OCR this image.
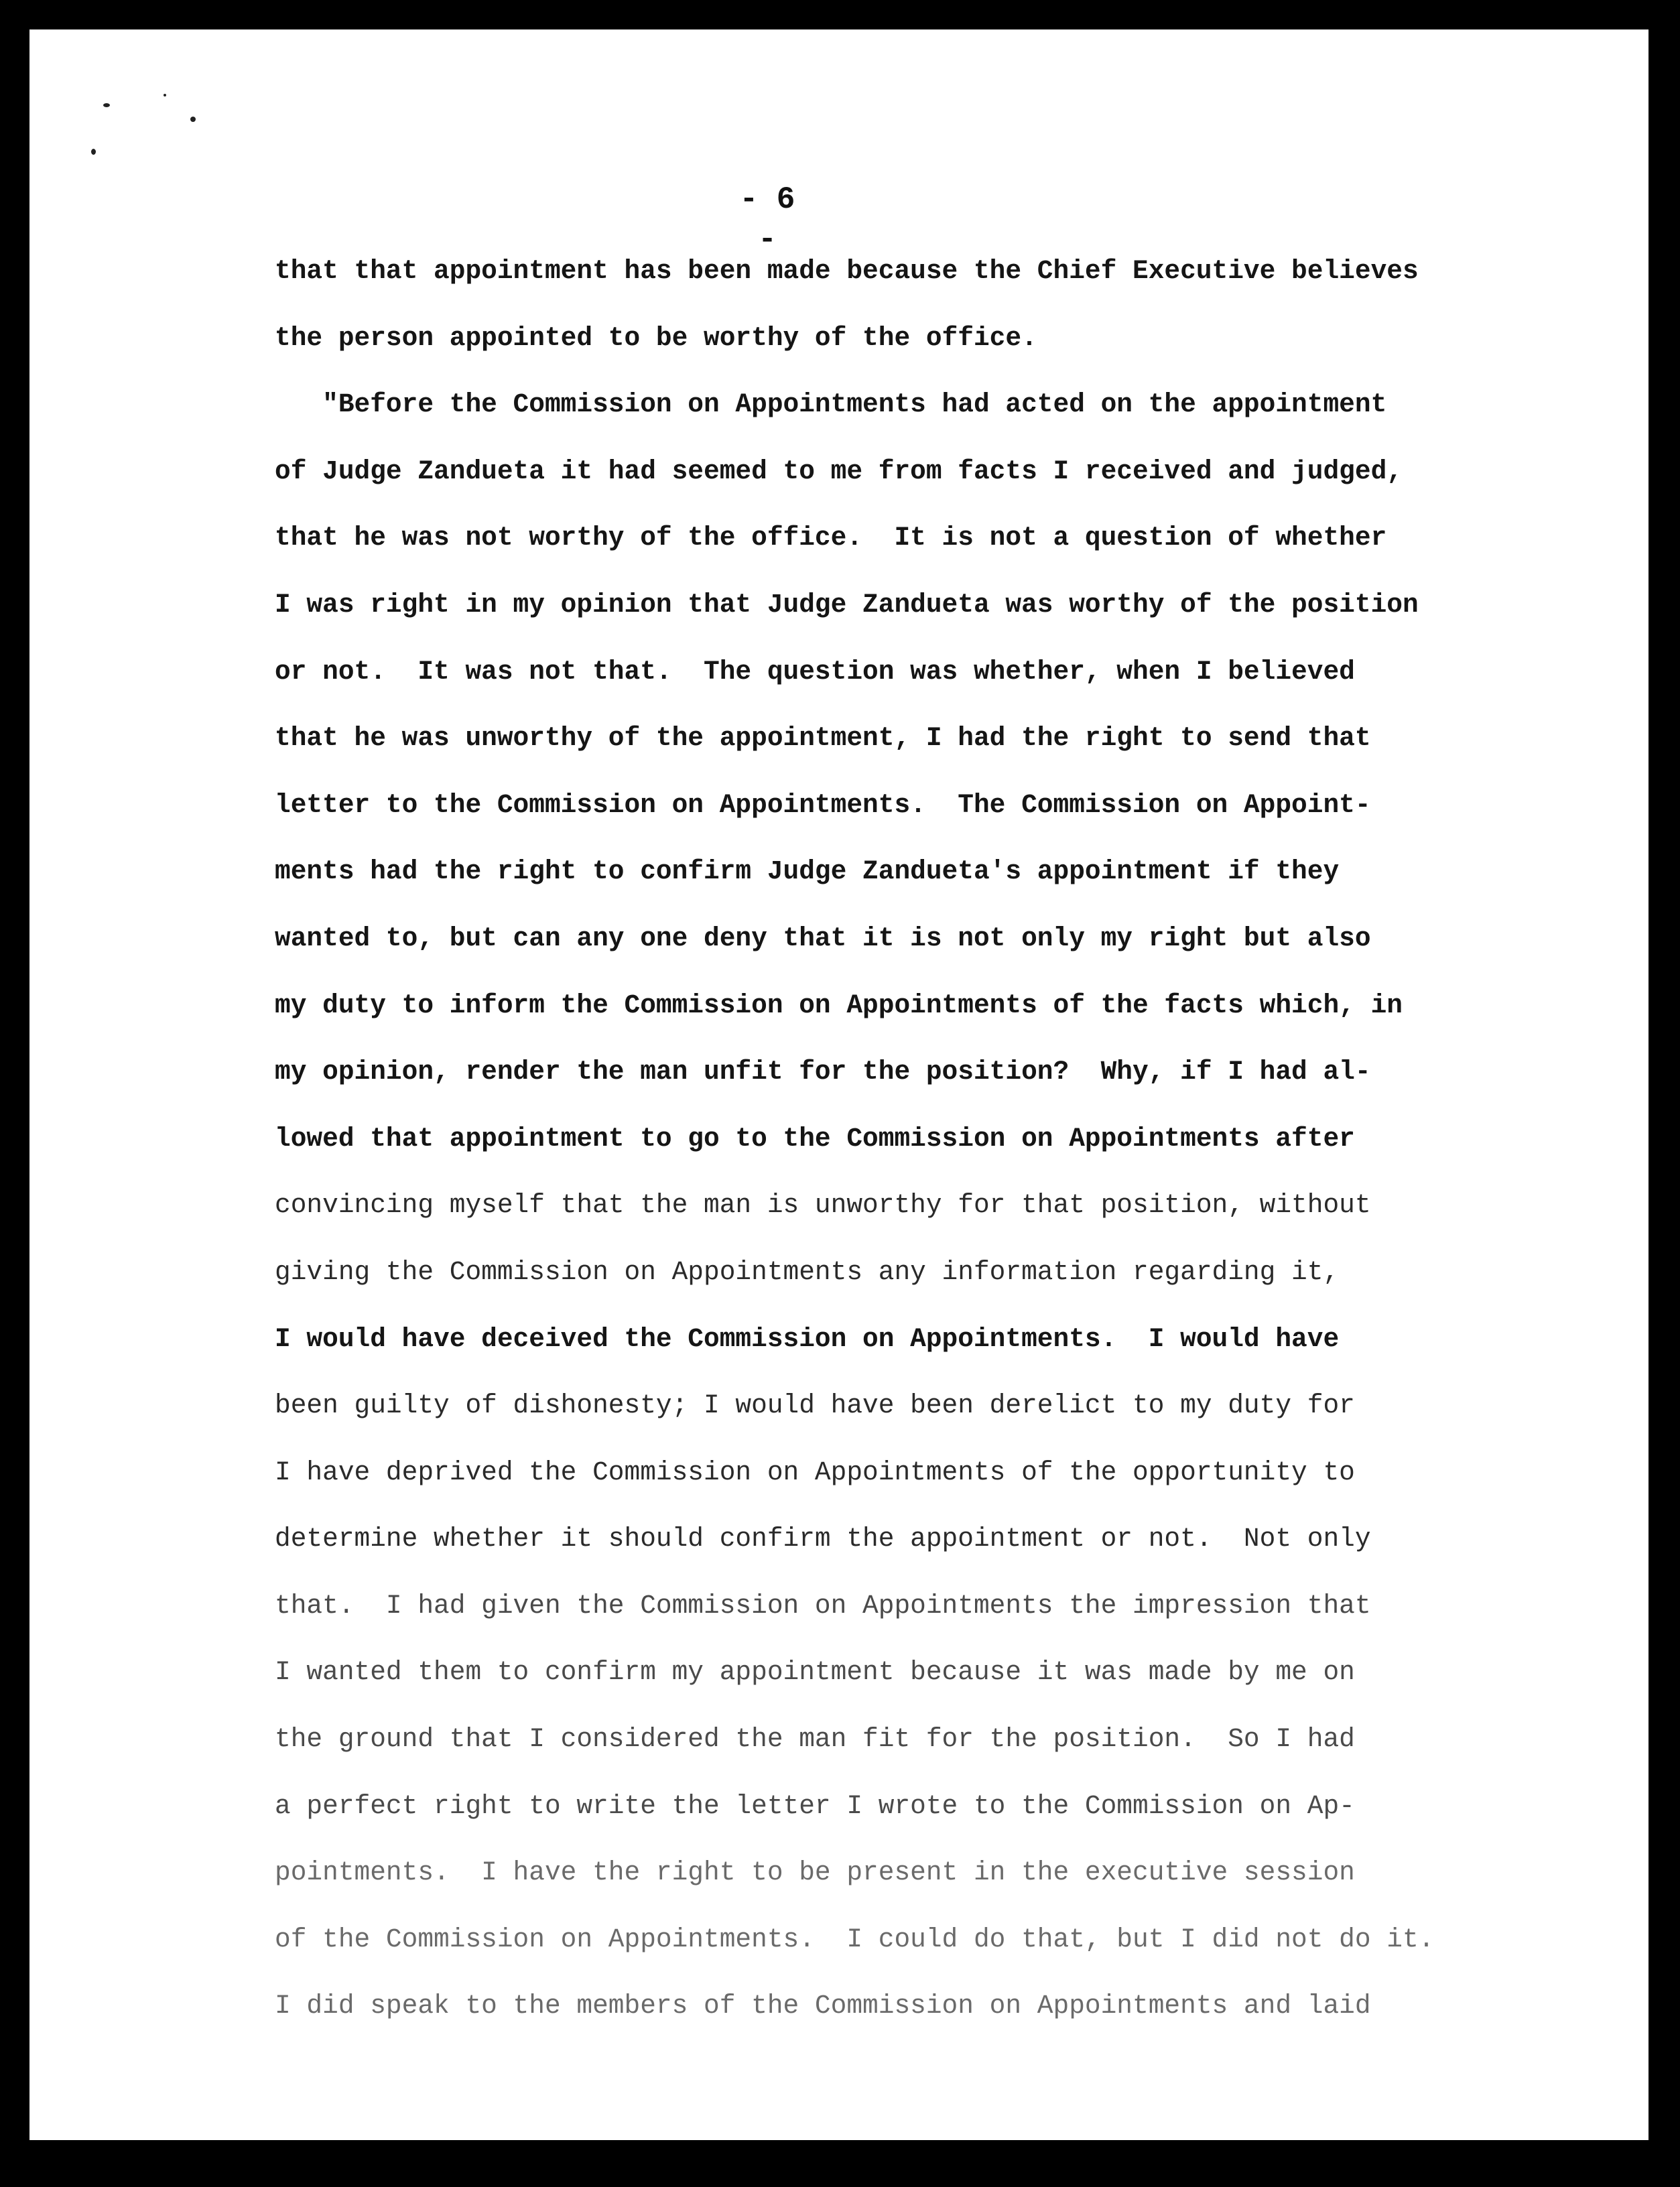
- 6 -

that that appointment has been made because the Chief Executive believes

the person appointed to be worthy of the office.

"Before the Commission on Appointments had acted on the appointment

of Judge Zandueta it had seemed to me from facts I received and judged,

that he was not worthy of the office.  It is not a question of whether

I was right in my opinion that Judge Zandueta was worthy of the position

or not.  It was not that.  The question was whether, when I believed

that he was unworthy of the appointment, I had the right to send that

letter to the Commission on Appointments.  The Commission on Appoint-

ments had the right to confirm Judge Zandueta's appointment if they

wanted to, but can any one deny that it is not only my right but also

my duty to inform the Commission on Appointments of the facts which, in

my opinion, render the man unfit for the position?  Why, if I had al-

lowed that appointment to go to the Commission on Appointments after

convincing myself that the man is unworthy for that position, without

giving the Commission on Appointments any information regarding it,

I would have deceived the Commission on Appointments.  I would have

been guilty of dishonesty; I would have been derelict to my duty for

I have deprived the Commission on Appointments of the opportunity to

determine whether it should confirm the appointment or not.  Not only

that.  I had given the Commission on Appointments the impression that

I wanted them to confirm my appointment because it was made by me on

the ground that I considered the man fit for the position.  So I had

a perfect right to write the letter I wrote to the Commission on Ap-

pointments.  I have the right to be present in the executive session

of the Commission on Appointments.  I could do that, but I did not do it.

I did speak to the members of the Commission on Appointments and laid
